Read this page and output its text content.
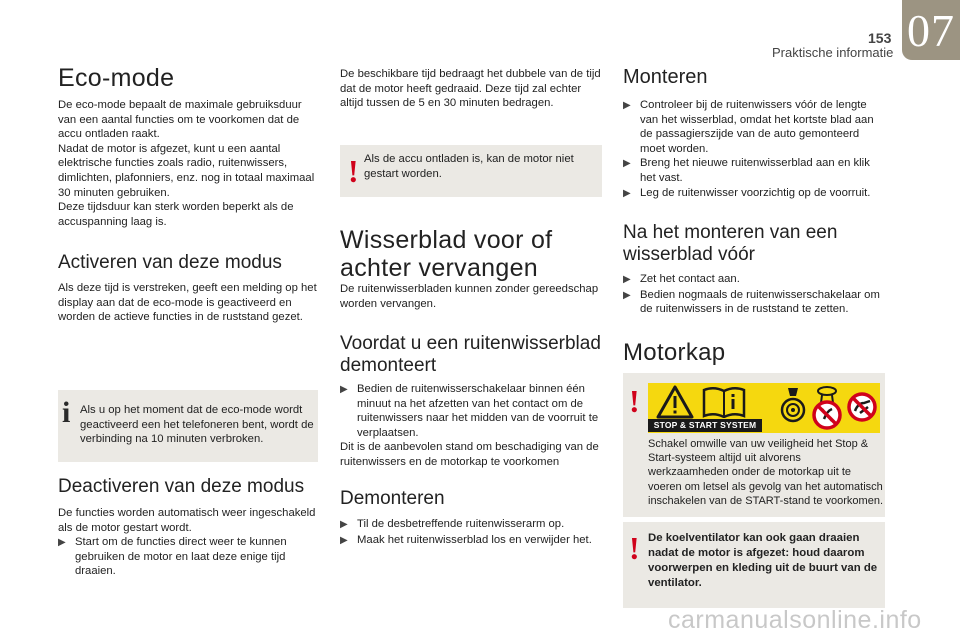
153
Praktische informatie 07
Eco-mode

De eco-mode bepaalt de maximale gebruiksduur van een aantal functies om te voorkomen dat de accu ontladen raakt.

Nadat de motor is afgezet, kunt u een aantal elektrische functies zoals radio, ruitenwissers, dimlichten, plafonniers, enz. nog in totaal maximaal 30 minuten gebruiken.

Deze tijdsduur kan sterk worden beperkt als de accuspanning laag is.

Activeren van deze modus
Als deze tijd is verstreken, geeft een melding op het display aan dat de eco-mode is geactiveerd en worden de actieve functies in de ruststand gezet.
i Als u op het moment dat de eco-mode wordt geactiveerd een het telefoneren bent, wordt de verbinding na 10 minuten verbroken.
Deactiveren van deze modus

De functies worden automatisch weer ingeschakeld als de motor gestart wordt.

▶ Start om de functies direct weer te kunnen gebruiken de motor en laat deze enige tijd draaien.
De beschikbare tijd bedraagt het dubbele van de tijd dat de motor heeft gedraaid. Deze tijd zal echter altijd tussen de 5 en 30 minuten bedragen.
! Als de accu ontladen is, kan de motor niet gestart worden.
Wisserblad voor of achter vervangen
De ruitenwisserbladen kunnen zonder gereedschap worden vervangen.
Voordat u een ruitenwisserblad demonteert
▶ Bedien de ruitenwisserschakelaar binnen één minuut na het afzetten van het contact om de ruitenwissers naar het midden van de voorruit te verplaatsen.

Dit is de aanbevolen stand om beschadiging van de ruitenwissers en de motorkap te voorkomen

Demonteren
▶ Til de desbetreffende ruitenwisserarm op.
▶ Maak het ruitenwisserblad los en verwijder het.
Monteren
▶ Controleer bij de ruitenwissers vóór de lengte van het wisserblad, omdat het kortste blad aan de passagierszijde van de auto gemonteerd moet worden.
▶ Breng het nieuwe ruitenwisserblad aan en klik het vast.
▶ Leg de ruitenwisser voorzichtig op de voorruit.
Na het monteren van een wisserblad vóór
▶ Zet het contact aan.
▶ Bedien nogmaals de ruitenwisserschakelaar om de ruitenwissers in de ruststand te zetten.
Motorkap
!
Schakel omwille van uw veiligheid het Stop & Start-systeem altijd uit alvorens werkzaamheden onder de motorkap uit te voeren om letsel als gevolg van het automatisch inschakelen van de START-stand te voorkomen.
STOP & START SYSTEM
! De koelventilator kan ook gaan draaien nadat de motor is afgezet: houd daarom voorwerpen en kleding uit de buurt van de ventilator.
carmanualsonline.info
